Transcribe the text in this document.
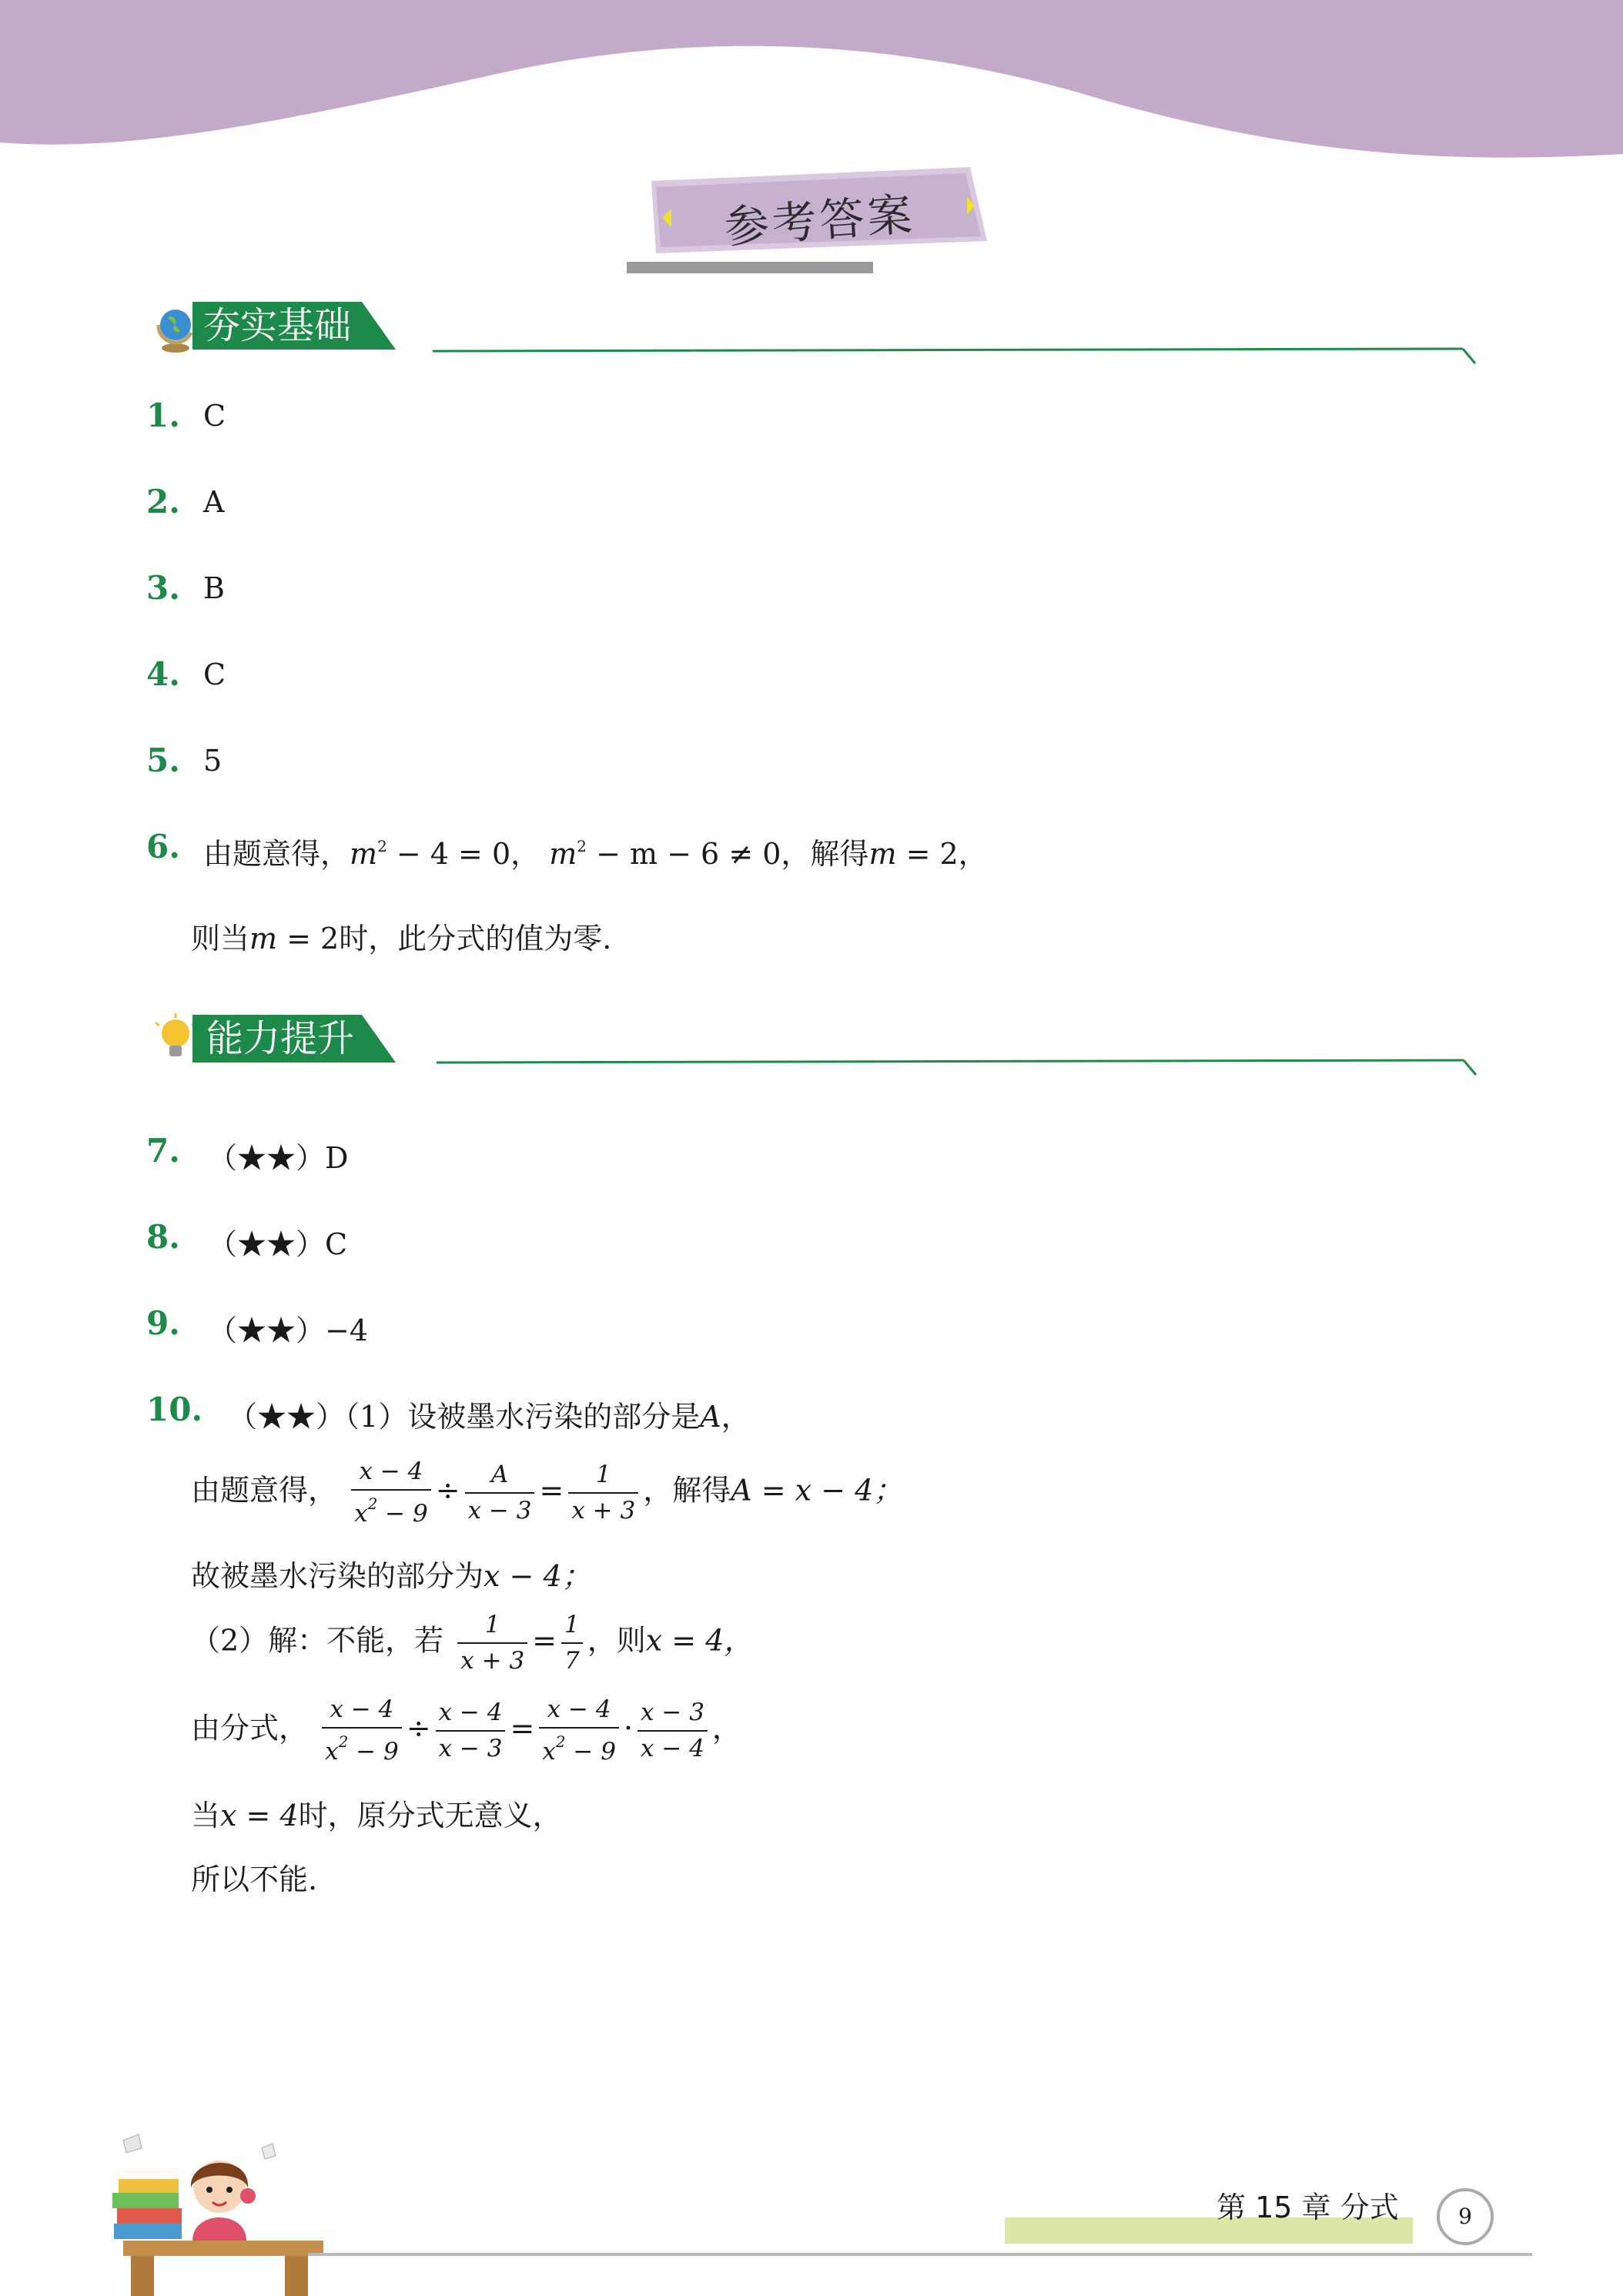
参考答案
夯实基础
1. C
2. A
3. B
4. C
5. 5
6. 由题意得，$m^2 - 4 = 0$， $m^2 - m - 6 \ne 0$，解得m = 2，
则当m = 2时，此分式的值为零.
能力提升
7. （★★）D
8. （★★）C
9. （★★）−4
10. （★★）（1）设被墨水污染的部分是A，
由题意得， $\frac{x - 4}{x^2 - 9} \div \frac{A}{x - 3} = \frac{1}{x + 3}$ ，解得A = x − 4；
故被墨水污染的部分为x − 4；
（2）解：不能，若 $\frac{1}{x + 3} = \frac{1}{7}$ ，则x = 4，
由分式， $\frac{x - 4}{x^2 - 9} \div \frac{x - 4}{x - 3} = \frac{x - 4}{x^2 - 9} \cdot \frac{x - 3}{x - 4}$ ，
当x = 4时，原分式无意义，
所以不能.
第 15 章 分式	9
